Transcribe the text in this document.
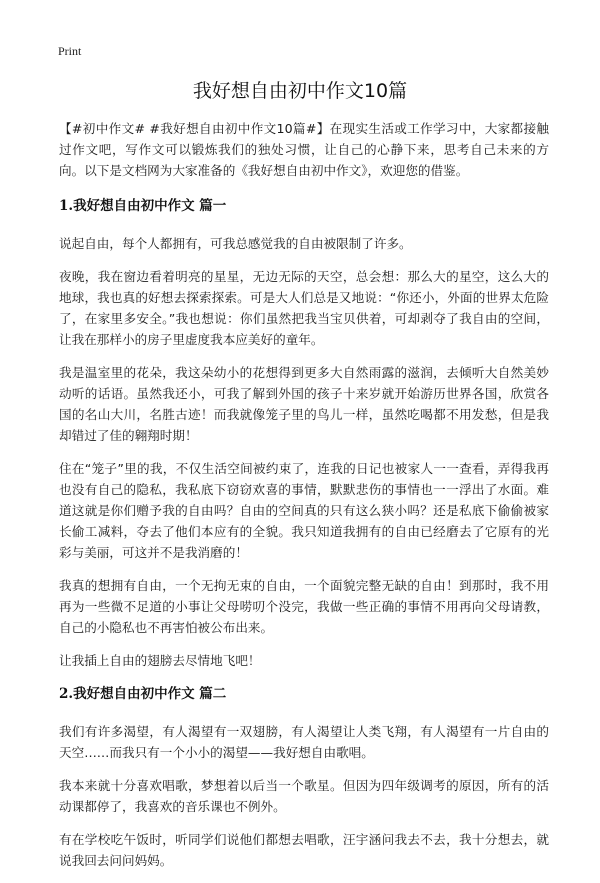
Print
我好想自由初中作文10篇

【#初中作文# #我好想自由初中作文10篇#】在现实生活或工作学习中，大家都接触过作文吧，写作文可以锻炼我们的独处习惯，让自己的心静下来，思考自己未来的方向。以下是文档网为大家准备的《我好想自由初中作文》，欢迎您的借鉴。

1.我好想自由初中作文 篇一

说起自由，每个人都拥有，可我总感觉我的自由被限制了许多。

夜晚，我在窗边看着明亮的星星，无边无际的天空，总会想：那么大的星空，这么大的地球，我也真的好想去探索探索。可是大人们总是又地说：“你还小，外面的世界太危险了，在家里多安全。”我也想说：你们虽然把我当宝贝供着，可却剥夺了我自由的空间，让我在那样小的房子里虚度我本应美好的童年。

我是温室里的花朵，我这朵幼小的花想得到更多大自然雨露的滋润，去倾听大自然美妙动听的话语。虽然我还小，可我了解到外国的孩子十来岁就开始游历世界各国，欣赏各国的名山大川，名胜古迹！而我就像笼子里的鸟儿一样，虽然吃喝都不用发愁，但是我却错过了佳的翱翔时期！

住在“笼子”里的我，不仅生活空间被约束了，连我的日记也被家人一一查看，弄得我再也没有自己的隐私，我私底下窃窃欢喜的事情，默默悲伤的事情也一一浮出了水面。难道这就是你们赠予我的自由吗？自由的空间真的只有这么狭小吗？还是私底下偷偷被家长偷工减料，夺去了他们本应有的全貌。我只知道我拥有的自由已经磨去了它原有的光彩与美丽，可这并不是我消磨的！

我真的想拥有自由，一个无拘无束的自由，一个面貌完整无缺的自由！到那时，我不用再为一些微不足道的小事让父母唠叨个没完，我做一些正确的事情不用再向父母请教，自己的小隐私也不再害怕被公布出来。

让我插上自由的翅膀去尽情地飞吧！

2.我好想自由初中作文 篇二

我们有许多渴望，有人渴望有一双翅膀，有人渴望让人类飞翔，有人渴望有一片自由的天空……而我只有一个小小的渴望——我好想自由歌唱。

我本来就十分喜欢唱歌，梦想着以后当一个歌星。但因为四年级调考的原因，所有的活动课都停了，我喜欢的音乐课也不例外。

有在学校吃午饭时，听同学们说他们都想去唱歌，汪宇涵问我去不去，我十分想去，就说我回去问问妈妈。
